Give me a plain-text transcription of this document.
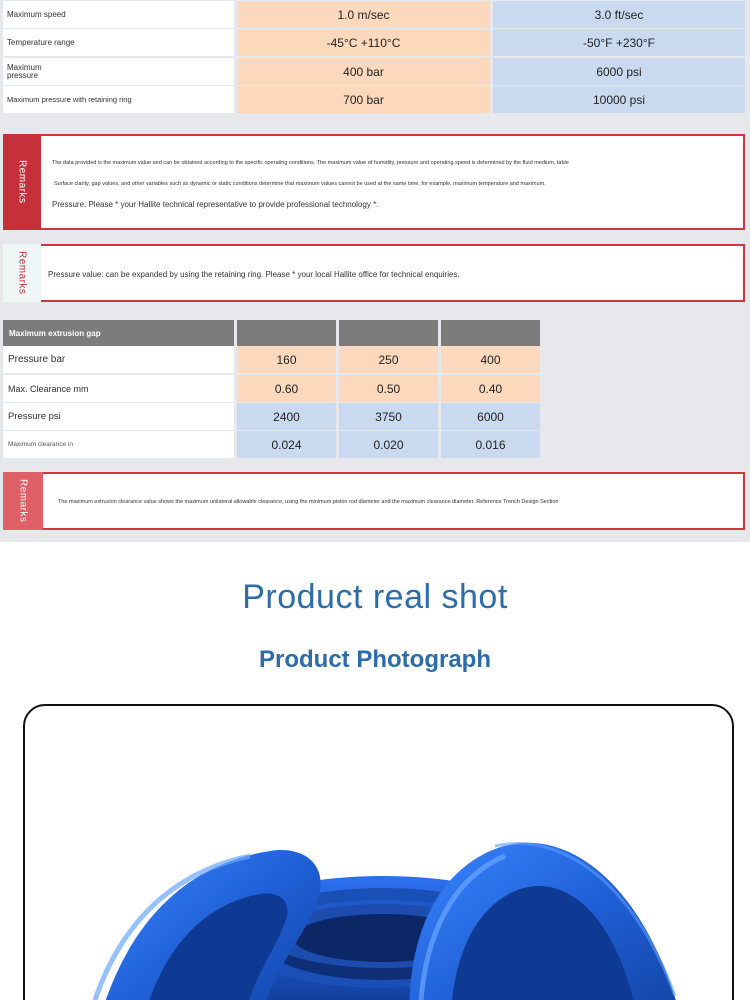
Maximum speed	1.0 m/sec	3.0 ft/sec
Temperature range	-45°C +110°C	-50°F +230°F
Maximum pressure	400 bar	6000 psi
Maximum pressure with retaining ring	700 bar	10000 psi
Remarks	The data provided is the maximum value and can be obtained according to the specific operating conditions. The maximum value of humidity, pressure and operating speed is determined by the fluid medium, table
Surface clarity, gap values, and other variables such as dynamic or static conditions determine that maximum values cannot be used at the same time, for example, maximum temperature and maximum.
Pressure. Please * your Hallite technical representative to provide professional technology *.
Remarks	Pressure value: can be expanded by using the retaining ring. Please * your local Hallite office for technical enquiries.
Maximum extrusion gap
Pressure bar	160	250	400
Max. Clearance mm	0.60	0.50	0.40
Pressure psi	2400	3750	6000
Maximum clearance in	0.024	0.020	0.016
Remarks	The maximum extrusion clearance value shows the maximum unilateral allowable clearance, using the minimum piston rod diameter and the maximum clearance diameter. Reference Trench Design Section
Product real shot
Product Photograph
